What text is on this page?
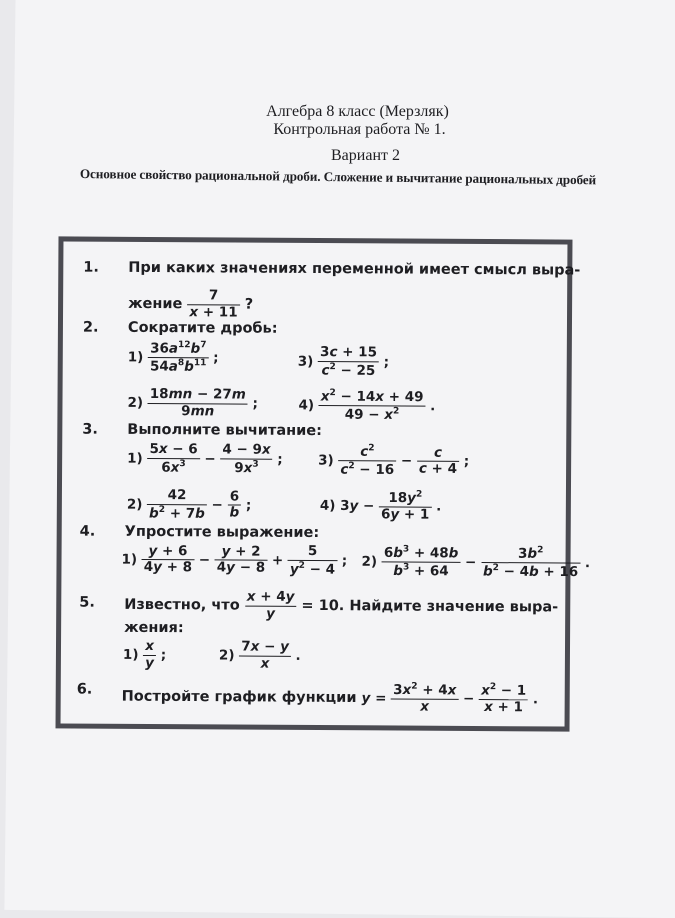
Алгебра 8 класс (Мерзляк)
Контрольная работа № 1.
Вариант 2
Основное свойство рациональной дроби. Сложение и вычитание рациональных дробей
1. При каких значениях переменной имеет смысл выра-
жение $\frac{7}{x + 11}$ ?
2. Сократите дробь:
$1) \frac{36a^{12}b^7}{54a^8b^{11}}$ ;	$3) \frac{3c + 15}{c^2 - 25}$ ;
$2) \frac{18mn - 27m}{9mn}$ ;	$4) \frac{x^2 - 14x + 49}{49 - x^2}$ .
3. Выполните вычитание:
$1) \frac{5x - 6}{6x^3} - \frac{4 - 9x}{9x^3}$ ;	$3) \frac{c^2}{c^2 - 16} - \frac{c}{c + 4}$ ;
$2) \frac{42}{b^2 + 7b} - \frac{6}{b}$ ;	4) $3y - \frac{18y^2}{6y + 1}$ .
4. Упростите выражение:
$1) \frac{y + 6}{4y + 8} - \frac{y + 2}{4y - 8} + \frac{5}{y^2 - 4}$ ; $2) \frac{6b^3 + 48b}{b^3 + 64} - \frac{3b^2}{b^2 - 4b + 16}$ .
5. Известно, что $\frac{x + 4y}{y} = 10$. Найдите значение выра-
жения:
$1) \frac{x}{y}$ ;	$2) \frac{7x - y}{x}$ .
6. Постройте график функции $y = \frac{3x^2 + 4x}{x} - \frac{x^2 - 1}{x + 1}$ .
